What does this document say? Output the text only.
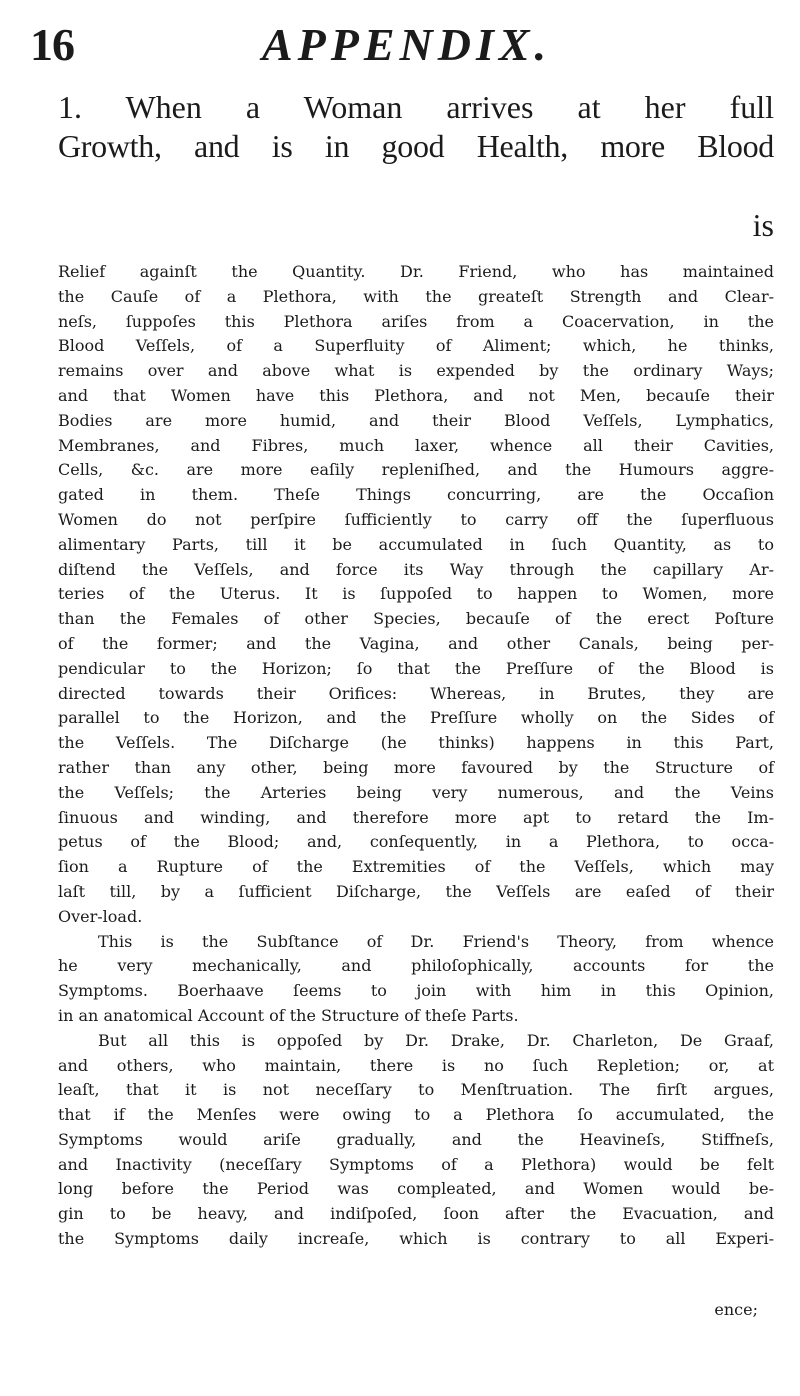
16	APPENDIX.
1. When a Woman arrives at her full
Growth, and is in good Health, more Blood
is

Relief againſt the Quantity. Dr. Friend, who has maintained

the Cauſe of a Plethora, with the greateſt Strength and Clear-

neſs, ſuppoſes this Plethora ariſes from a Coacervation, in the

Blood Veſſels, of a Superfluity of Aliment; which, he thinks,

remains over and above what is expended by the ordinary Ways;

and that Women have this Plethora, and not Men, becauſe their

Bodies are more humid, and their Blood Veſſels, Lymphatics,

Membranes, and Fibres, much laxer, whence all their Cavities,

Cells, &c. are more eaſily repleniſhed, and the Humours aggre-

gated in them. Theſe Things concurring, are the Occaſion

Women do not perſpire ſufficiently to carry off the ſuperfluous

alimentary Parts, till it be accumulated in ſuch Quantity, as to

diſtend the Veſſels, and force its Way through the capillary Ar-

teries of the Uterus. It is ſuppoſed to happen to Women, more

than the Females of other Species, becauſe of the erect Poſture

of the former; and the Vagina, and other Canals, being per-

pendicular to the Horizon; ſo that the Preſſure of the Blood is

directed towards their Orifices: Whereas, in Brutes, they are

parallel to the Horizon, and the Preſſure wholly on the Sides of

the Veſſels. The Diſcharge (he thinks) happens in this Part,

rather than any other, being more favoured by the Structure of

the Veſſels; the Arteries being very numerous, and the Veins

ſinuous and winding, and therefore more apt to retard the Im-

petus of the Blood; and, conſequently, in a Plethora, to occa-

ſion a Rupture of the Extremities of the Veſſels, which may

laſt till, by a ſufficient Diſcharge, the Veſſels are eaſed of their

Over-load.

This is the Subſtance of Dr. Friend's Theory, from whence

he very mechanically, and philoſophically, accounts for the

Symptoms. Boerhaave ſeems to join with him in this Opinion,

in an anatomical Account of the Structure of theſe Parts.

But all this is oppoſed by Dr. Drake, Dr. Charleton, De Graaf,

and others, who maintain, there is no ſuch Repletion; or, at

leaſt, that it is not neceſſary to Menſtruation. The firſt argues,

that if the Menſes were owing to a Plethora ſo accumulated, the

Symptoms would ariſe gradually, and the Heavineſs, Stiffneſs,

and Inactivity (neceſſary Symptoms of a Plethora) would be felt

long before the Period was compleated, and Women would be-

gin to be heavy, and indiſpoſed, ſoon after the Evacuation, and

the Symptoms daily increaſe, which is contrary to all Experi-

ence;
